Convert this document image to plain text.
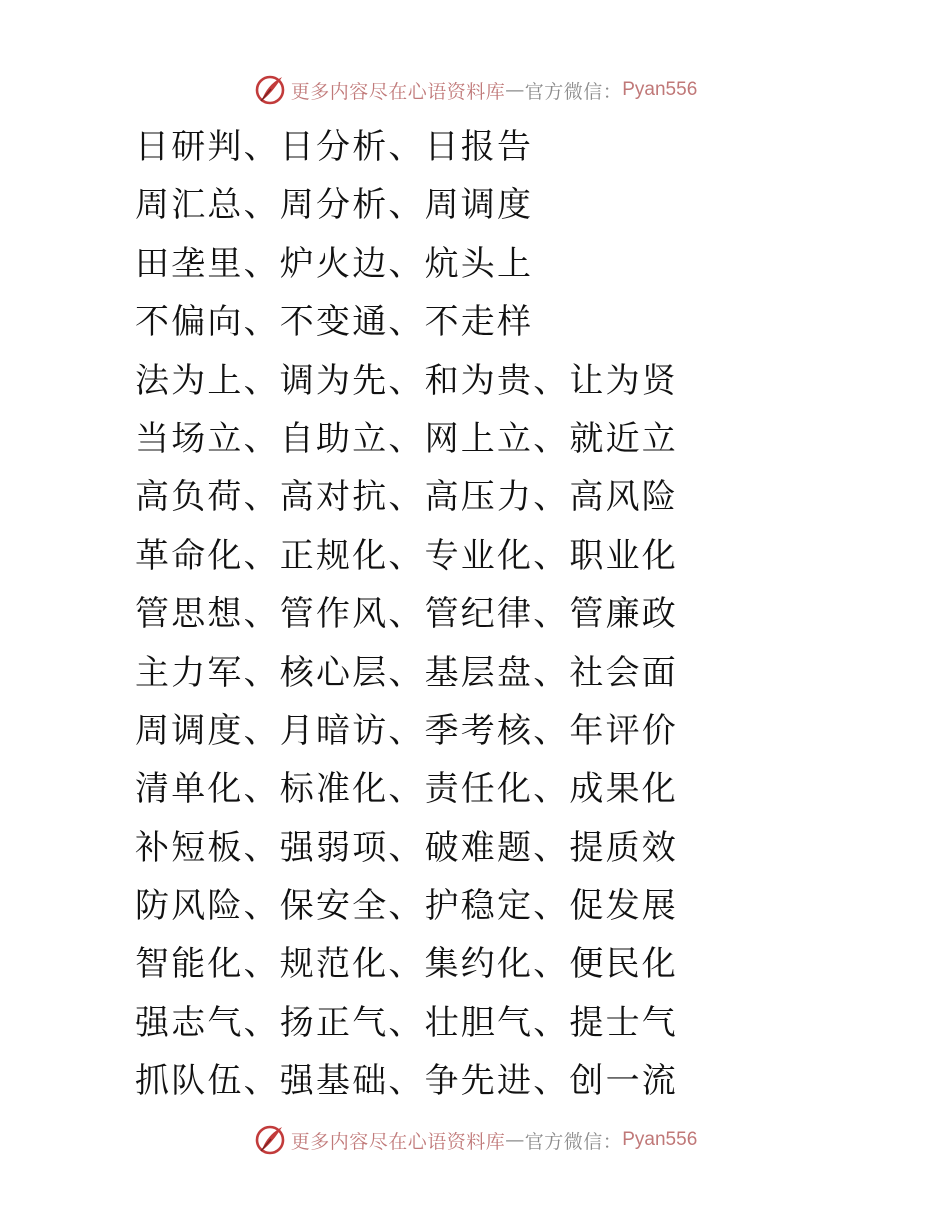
更多内容尽在心语资料库 — 官方微信： Pyan556
日研判、日分析、日报告
周汇总、周分析、周调度
田垄里、炉火边、炕头上
不偏向、不变通、不走样
法为上、调为先、和为贵、让为贤
当场立、自助立、网上立、就近立
高负荷、高对抗、高压力、高风险
革命化、正规化、专业化、职业化
管思想、管作风、管纪律、管廉政
主力军、核心层、基层盘、社会面
周调度、月暗访、季考核、年评价
清单化、标准化、责任化、成果化
补短板、强弱项、破难题、提质效
防风险、保安全、护稳定、促发展
智能化、规范化、集约化、便民化
强志气、扬正气、壮胆气、提士气
抓队伍、强基础、争先进、创一流
更多内容尽在心语资料库 — 官方微信： Pyan556
